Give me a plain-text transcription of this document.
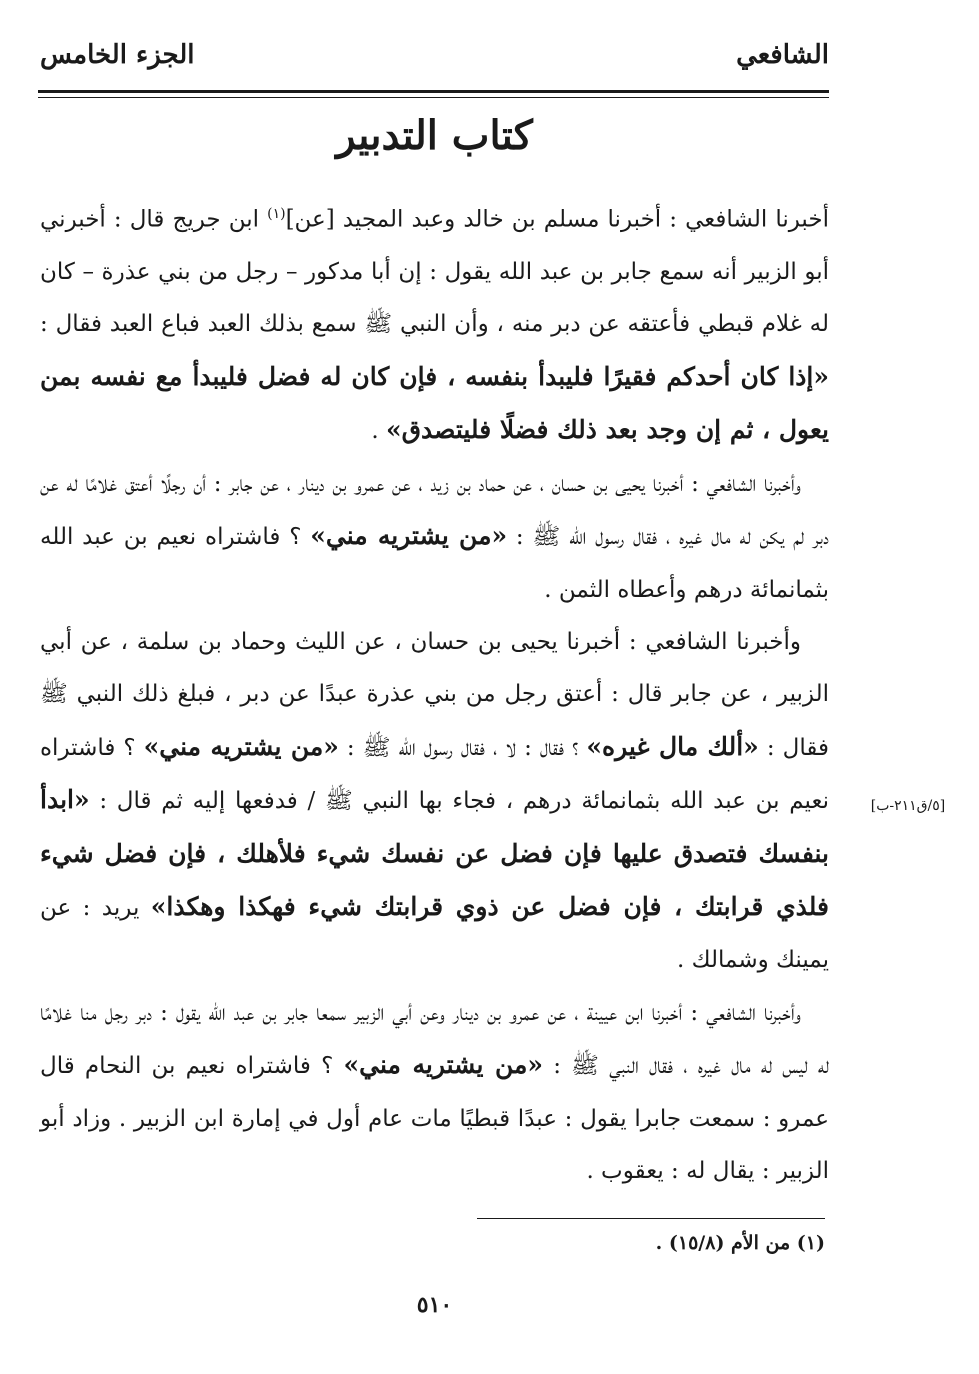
الشافعي
الجزء الخامس
كتاب التدبير

أخبرنا الشافعي : أخبرنا مسلم بن خالد وعبد المجيد [عن]$^{(١)}$ ابن جريج قال : أخبرني أبو الزبير أنه سمع جابر بن عبد الله يقول : إن أبا مدكور – رجل من بني عذرة – كان له غلام قبطي فأعتقه عن دبر منه ، وأن النبي ﷺ سمع بذلك العبد فباع العبد فقال : «إذا كان أحدكم فقيرًا فليبدأ بنفسه ، فإن كان له فضل فليبدأ مع نفسه بمن يعول ، ثم إن وجد بعد ذلك فضلًا فليتصدق» .

وأخبرنا الشافعي : أخبرنا يحيى بن حسان ، عن حماد بن زيد ، عن عمرو بن دينار ، عن جابر : أن رجلًا أعتق غلامًا له عن دبر لم يكن له مال غيره ، فقال رسول الله ﷺ : «من يشتريه مني» ؟ فاشتراه نعيم بن عبد الله بثمانمائة درهم وأعطاه الثمن .

وأخبرنا الشافعي : أخبرنا يحيى بن حسان ، عن الليث وحماد بن سلمة ، عن أبي الزبير ، عن جابر قال : أعتق رجل من بني عذرة عبدًا عن دبر ، فبلغ ذلك النبي ﷺ فقال : «ألك مال غيره» ؟ فقال : لا ، فقال رسول الله ﷺ : «من يشتريه مني» ؟ فاشتراه نعيم بن عبد الله بثمانمائة درهم ، فجاء بها النبي ﷺ / فدفعها إليه ثم قال : «ابدأ بنفسك فتصدق عليها فإن فضل عن نفسك شيء فلأهلك ، فإن فضل شيء فلذي قرابتك ، فإن فضل عن ذوي قرابتك شيء فهكذا وهكذا» يريد : عن يمينك وشمالك .

وأخبرنا الشافعي : أخبرنا ابن عيينة ، عن عمرو بن دينار وعن أبي الزبير سمعا جابر بن عبد الله يقول : دبر رجل منا غلامًا له ليس له مال غيره ، فقال النبي ﷺ : «من يشتريه مني» ؟ فاشتراه نعيم بن النحام قال عمرو : سمعت جابرا يقول : عبدًا قبطيًا مات عام أول في إمارة ابن الزبير . وزاد أبو الزبير : يقال له : يعقوب .

[٥/ق٢١١-ب]
(١) من الأم (١٥/٨) .
٥١٠
